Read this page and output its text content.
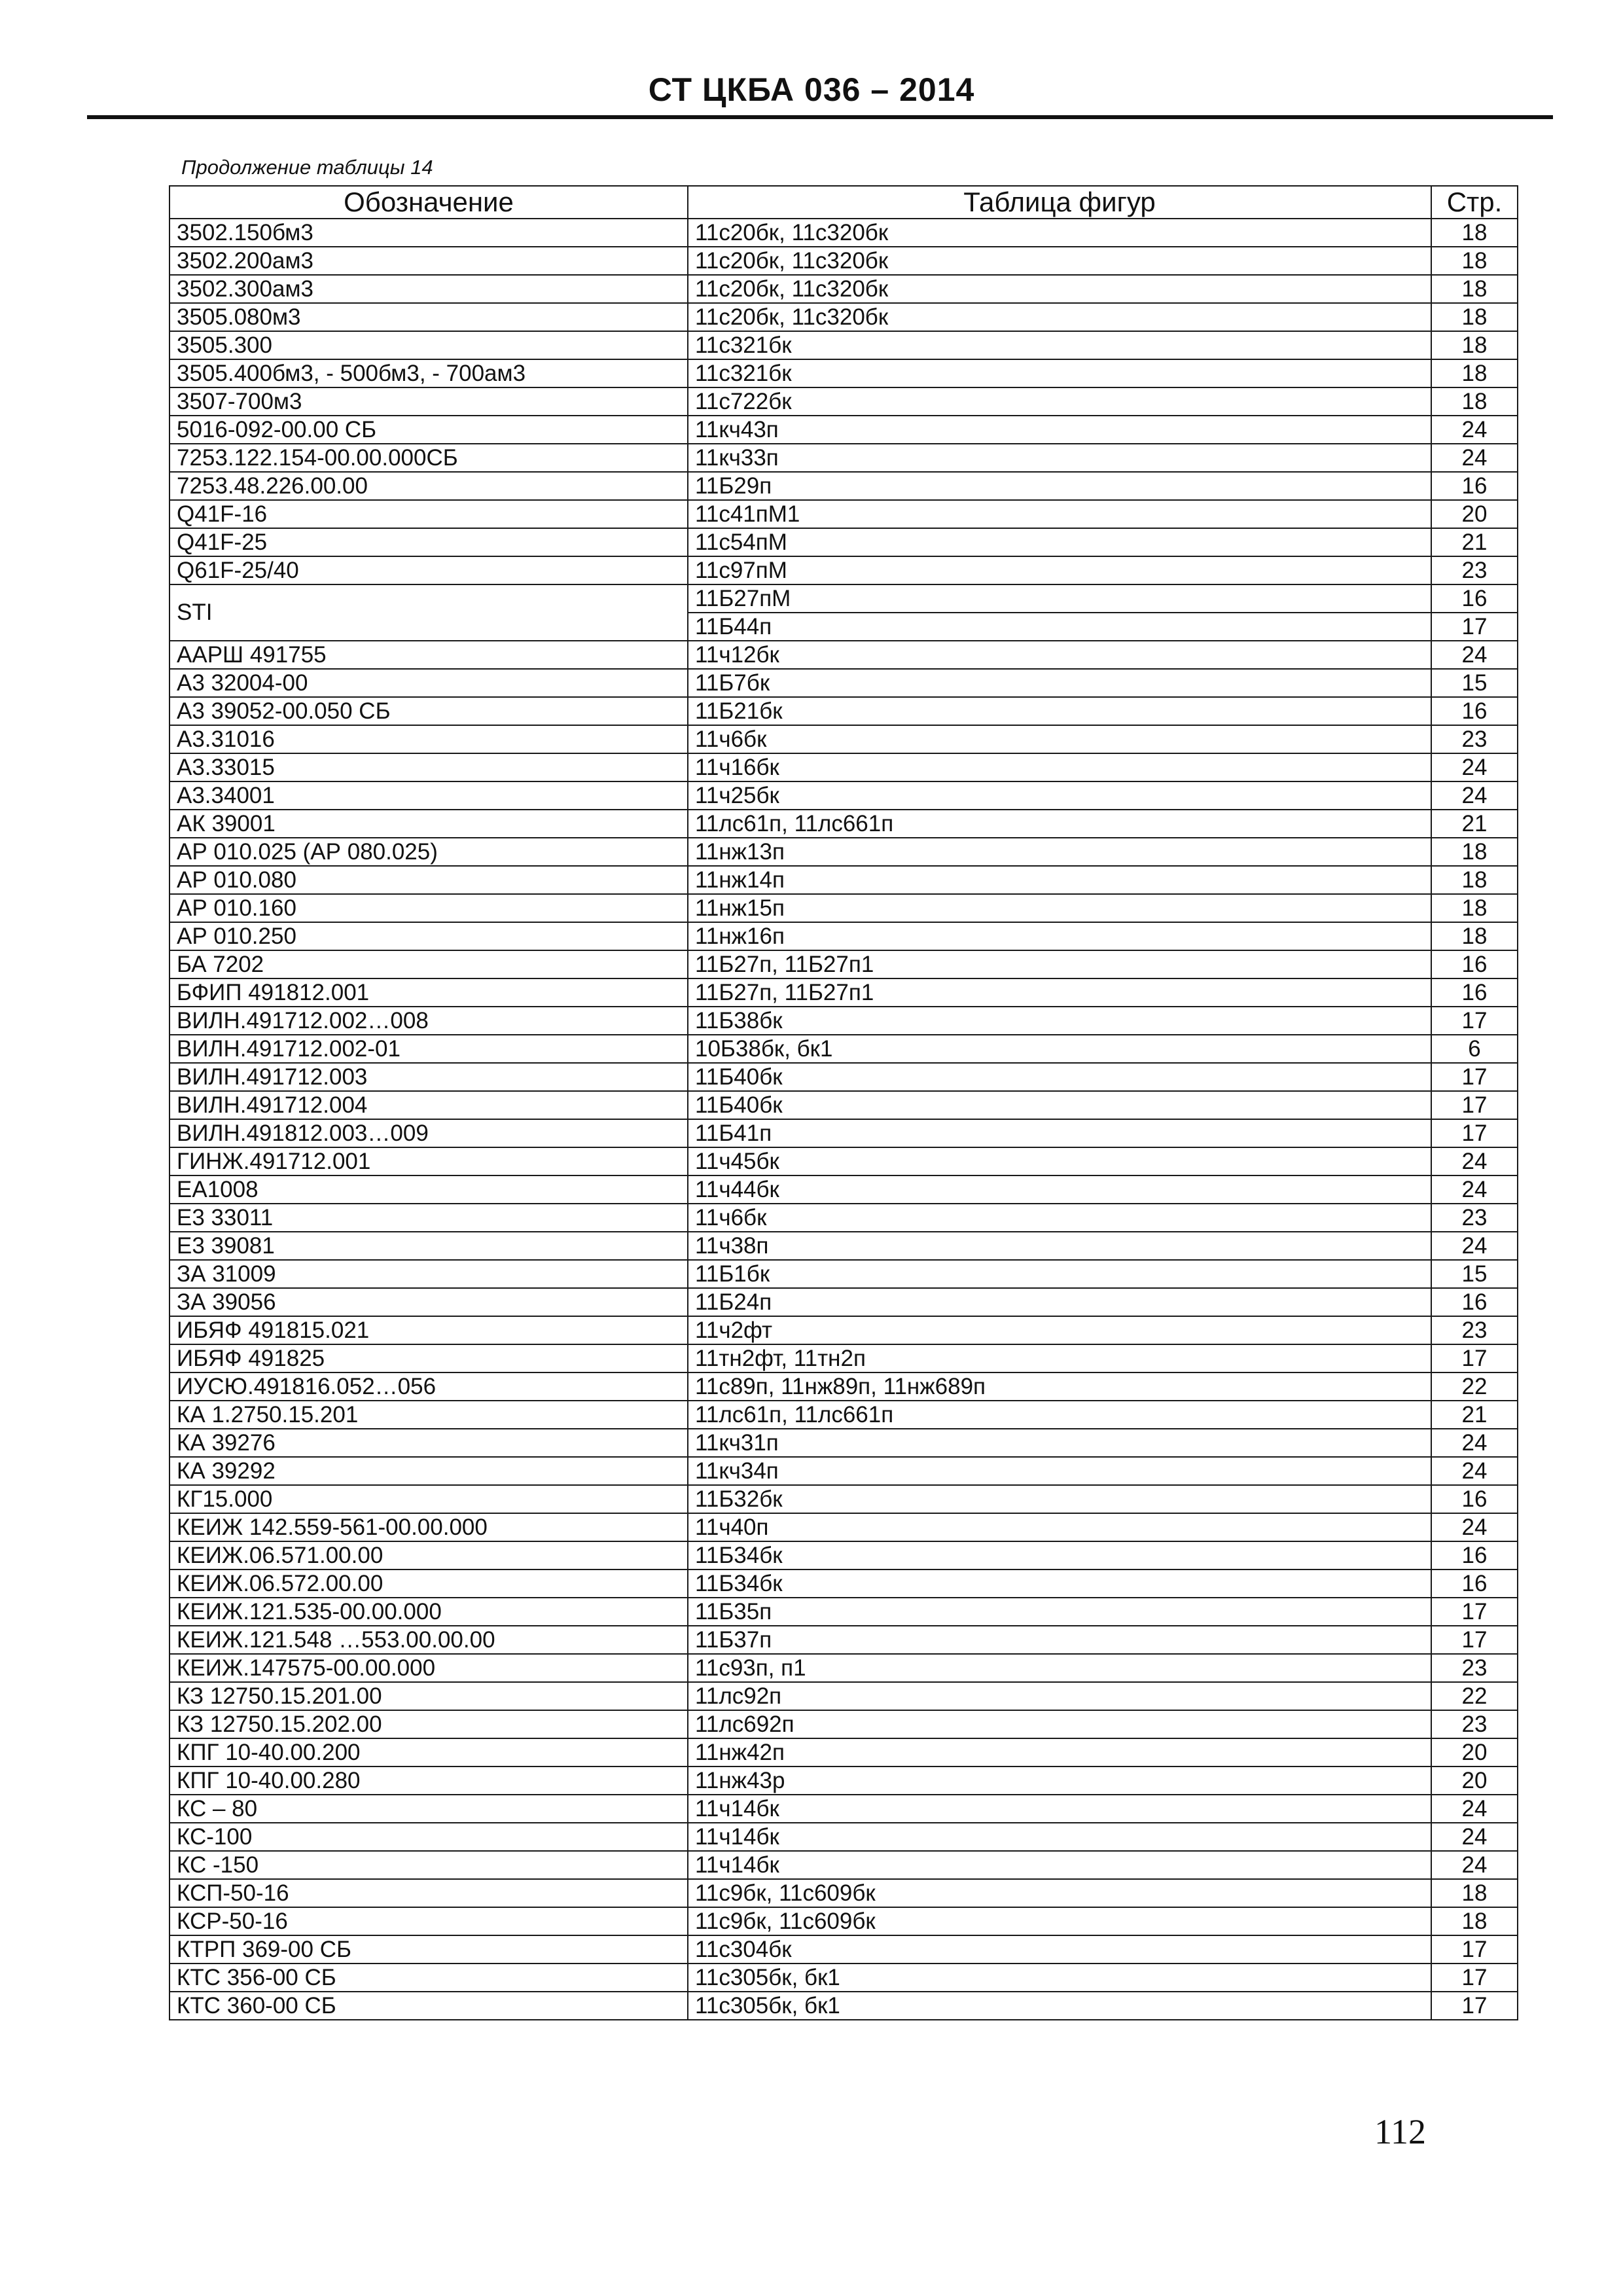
СТ ЦКБА 036 – 2014
Продолжение таблицы 14
Обозначение	Таблица фигур	Стр.
3502.150бм3	11с20бк, 11с320бк	18
3502.200ам3	11с20бк, 11с320бк	18
3502.300ам3	11с20бк, 11с320бк	18
3505.080м3	11с20бк, 11с320бк	18
3505.300	11с321бк	18
3505.400бм3, - 500бм3, - 700ам3	11с321бк	18
3507-700м3	11с722бк	18
5016-092-00.00 СБ	11кч43п	24
7253.122.154-00.00.000СБ	11кч33п	24
7253.48.226.00.00	11Б29п	16
Q41F-16	11с41пМ1	20
Q41F-25	11с54пМ	21
Q61F-25/40	11с97пМ	23
STI	11Б27пМ	16
	11Б44п	17
ААРШ 491755	11ч12бк	24
А3 32004-00	11Б7бк	15
А3 39052-00.050 СБ	11Б21бк	16
А3.31016	11ч6бк	23
А3.33015	11ч16бк	24
А3.34001	11ч25бк	24
АК 39001	11лс61п, 11лс661п	21
АР 010.025 (АР 080.025)	11нж13п	18
АР 010.080	11нж14п	18
АР 010.160	11нж15п	18
АР 010.250	11нж16п	18
БА 7202	11Б27п, 11Б27п1	16
БФИП 491812.001	11Б27п, 11Б27п1	16
ВИЛН.491712.002…008	11Б38бк	17
ВИЛН.491712.002-01	10Б38бк, бк1	6
ВИЛН.491712.003	11Б40бк	17
ВИЛН.491712.004	11Б40бк	17
ВИЛН.491812.003…009	11Б41п	17
ГИНЖ.491712.001	11ч45бк	24
ЕА1008	11ч44бк	24
Е3 33011	11ч6бк	23
Е3 39081	11ч38п	24
ЗА 31009	11Б1бк	15
ЗА 39056	11Б24п	16
ИБЯФ 491815.021	11ч2фт	23
ИБЯФ 491825	11тн2фт, 11тн2п	17
ИУСЮ.491816.052…056	11с89п, 11нж89п, 11нж689п	22
КА 1.2750.15.201	11лс61п, 11лс661п	21
КА 39276	11кч31п	24
КА 39292	11кч34п	24
КГ15.000	11Б32бк	16
КЕИЖ 142.559-561-00.00.000	11ч40п	24
КЕИЖ.06.571.00.00	11Б34бк	16
КЕИЖ.06.572.00.00	11Б34бк	16
КЕИЖ.121.535-00.00.000	11Б35п	17
КЕИЖ.121.548 …553.00.00.00	11Б37п	17
КЕИЖ.147575-00.00.000	11с93п, п1	23
КЗ 12750.15.201.00	11лс92п	22
КЗ 12750.15.202.00	11лс692п	23
КПГ 10-40.00.200	11нж42п	20
КПГ 10-40.00.280	11нж43р	20
КС – 80	11ч14бк	24
КС-100	11ч14бк	24
КС -150	11ч14бк	24
КСП-50-16	11с9бк, 11с609бк	18
КСР-50-16	11с9бк, 11с609бк	18
КТРП 369-00 СБ	11с304бк	17
КТС 356-00 СБ	11с305бк, бк1	17
КТС 360-00 СБ	11с305бк, бк1	17
112
